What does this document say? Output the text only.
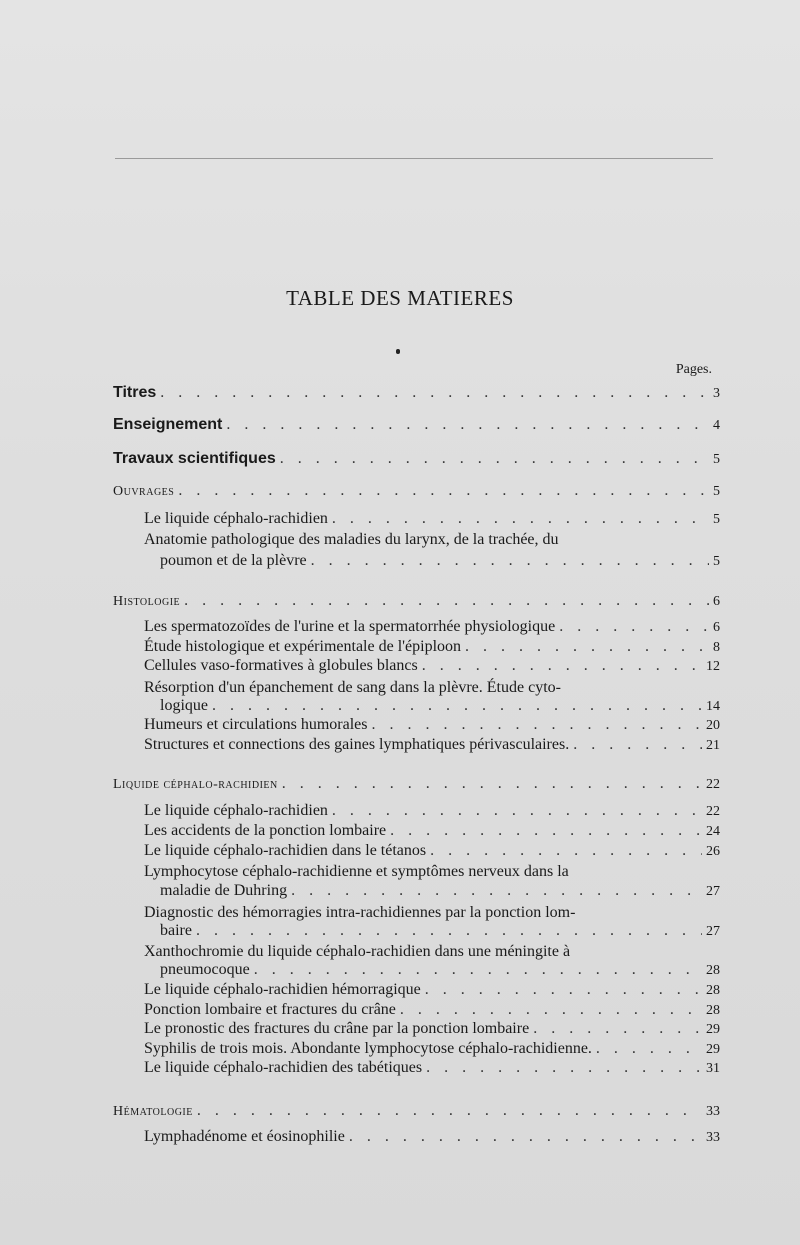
TABLE DES MATIERES
Pages.
Titres . . .	3
Enseignement . . .	4
Travaux scientifiques . . .	5
Ouvrages . . .	5
Le liquide céphalo-rachidien . . .	5
Anatomie pathologique des maladies du larynx, de la trachée, du
poumon et de la plèvre . . .	5
Histologie . . .	6
Les spermatozoïdes de l'urine et la spermatorrhée physiologique . . .	6
Étude histologique et expérimentale de l'épiploon . . .	8
Cellules vaso-formatives à globules blancs . . .	12
Résorption d'un épanchement de sang dans la plèvre. Étude cyto-
logique . . .	14
Humeurs et circulations humorales . . .	20
Structures et connections des gaines lymphatiques périvasculaires. . . .	21
Liquide céphalo-rachidien . . .	22
Le liquide céphalo-rachidien . . .	22
Les accidents de la ponction lombaire . . .	24
Le liquide céphalo-rachidien dans le tétanos . . .	26
Lymphocytose céphalo-rachidienne et symptômes nerveux dans la
maladie de Duhring . . .	27
Diagnostic des hémorragies intra-rachidiennes par la ponction lom-
baire . . .	27
Xanthochromie du liquide céphalo-rachidien dans une méningite à
pneumocoque . . .	28
Le liquide céphalo-rachidien hémorragique . . .	28
Ponction lombaire et fractures du crâne . . .	28
Le pronostic des fractures du crâne par la ponction lombaire . . .	29
Syphilis de trois mois. Abondante lymphocytose céphalo-rachidienne. . . .	29
Le liquide céphalo-rachidien des tabétiques . . .	31
Hématologie . . .	33
Lymphadénome et éosinophilie . . .	33
